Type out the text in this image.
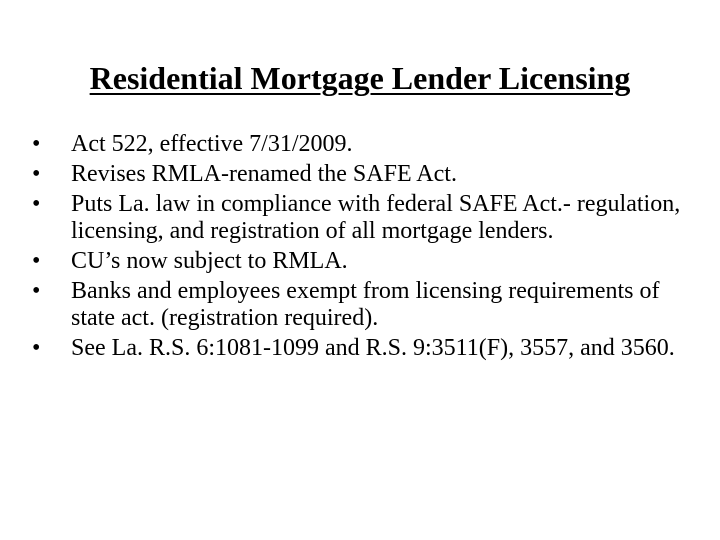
Residential Mortgage Lender Licensing
•	Act 522, effective 7/31/2009.
•	Revises RMLA-renamed the SAFE Act.
•	Puts La. law in compliance with federal SAFE Act.- regulation, licensing, and registration of all mortgage lenders.
•	CU’s now subject to RMLA.
•	Banks and employees exempt from licensing requirements of state act. (registration required).
•	See La. R.S. 6:1081-1099 and R.S. 9:3511(F), 3557, and 3560.
